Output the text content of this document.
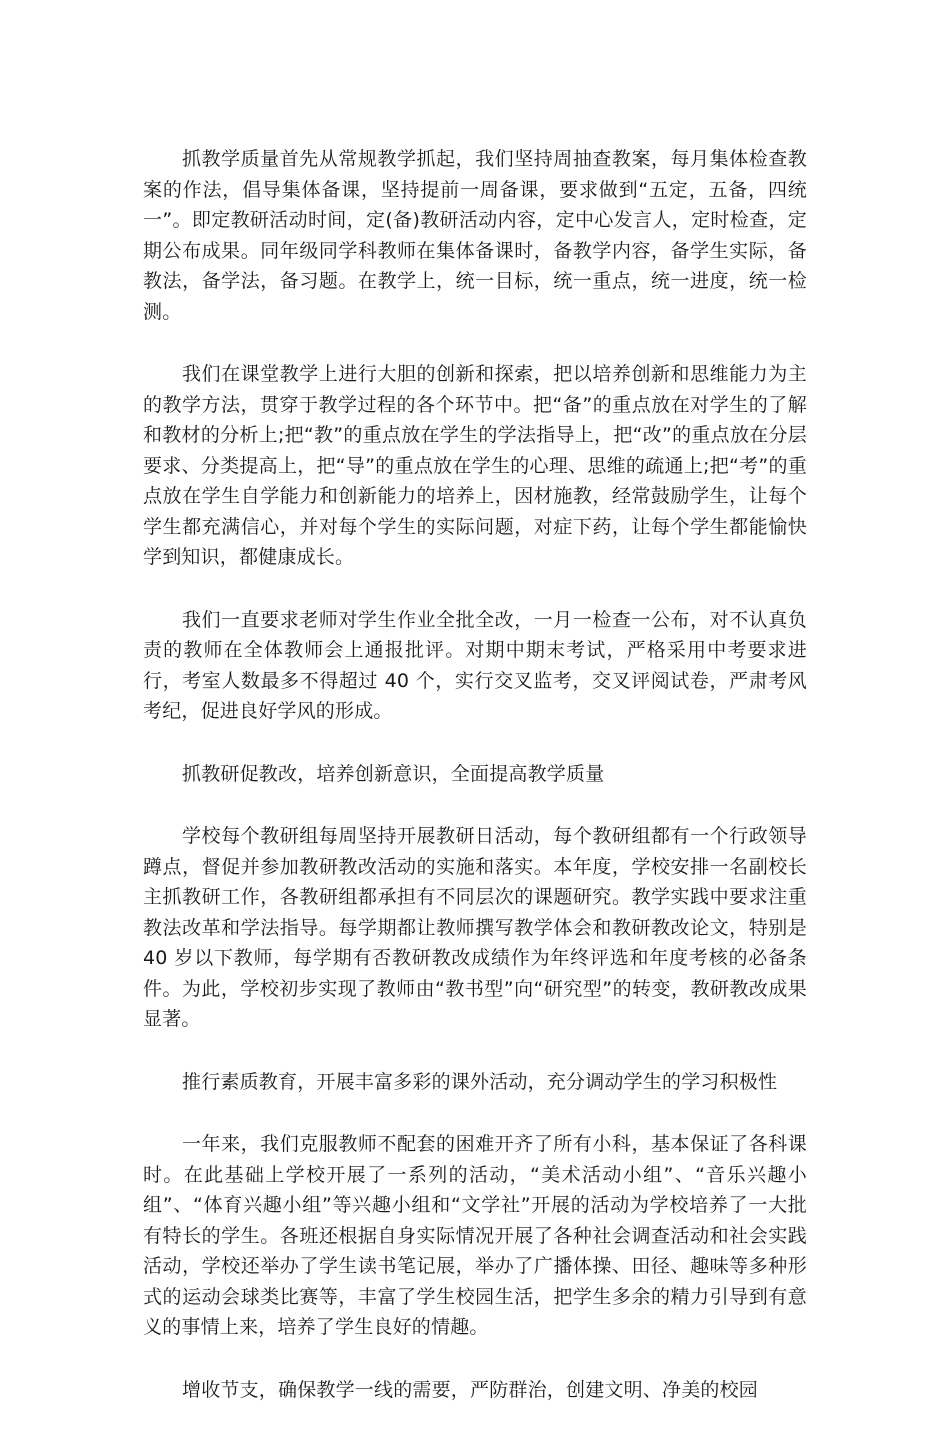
抓教学质量首先从常规教学抓起，我们坚持周抽查教案，每月集体检查教案的作法，倡导集体备课，坚持提前一周备课，要求做到“五定，五备，四统一”。即定教研活动时间，定(备)教研活动内容，定中心发言人，定时检查，定期公布成果。同年级同学科教师在集体备课时，备教学内容，备学生实际，备教法，备学法，备习题。在教学上，统一目标，统一重点，统一进度，统一检测。

我们在课堂教学上进行大胆的创新和探索，把以培养创新和思维能力为主的教学方法，贯穿于教学过程的各个环节中。把“备”的重点放在对学生的了解和教材的分析上;把“教”的重点放在学生的学法指导上，把“改”的重点放在分层要求、分类提高上，把“导”的重点放在学生的心理、思维的疏通上;把“考”的重点放在学生自学能力和创新能力的培养上，因材施教，经常鼓励学生，让每个学生都充满信心，并对每个学生的实际问题，对症下药，让每个学生都能愉快学到知识，都健康成长。

我们一直要求老师对学生作业全批全改，一月一检查一公布，对不认真负责的教师在全体教师会上通报批评。对期中期末考试，严格采用中考要求进行，考室人数最多不得超过 40 个，实行交叉监考，交叉评阅试卷，严肃考风考纪，促进良好学风的形成。

抓教研促教改，培养创新意识，全面提高教学质量

学校每个教研组每周坚持开展教研日活动，每个教研组都有一个行政领导蹲点，督促并参加教研教改活动的实施和落实。本年度，学校安排一名副校长主抓教研工作，各教研组都承担有不同层次的课题研究。教学实践中要求注重教法改革和学法指导。每学期都让教师撰写教学体会和教研教改论文，特别是 40 岁以下教师，每学期有否教研教改成绩作为年终评选和年度考核的必备条件。为此，学校初步实现了教师由“教书型”向“研究型”的转变，教研教改成果显著。

推行素质教育，开展丰富多彩的课外活动，充分调动学生的学习积极性

一年来，我们克服教师不配套的困难开齐了所有小科，基本保证了各科课时。在此基础上学校开展了一系列的活动，“美术活动小组”、“音乐兴趣小组”、“体育兴趣小组”等兴趣小组和“文学社”开展的活动为学校培养了一大批有特长的学生。各班还根据自身实际情况开展了各种社会调查活动和社会实践活动，学校还举办了学生读书笔记展，举办了广播体操、田径、趣味等多种形式的运动会球类比赛等，丰富了学生校园生活，把学生多余的精力引导到有意义的事情上来，培养了学生良好的情趣。

增收节支，确保教学一线的需要，严防群治，创建文明、净美的校园
